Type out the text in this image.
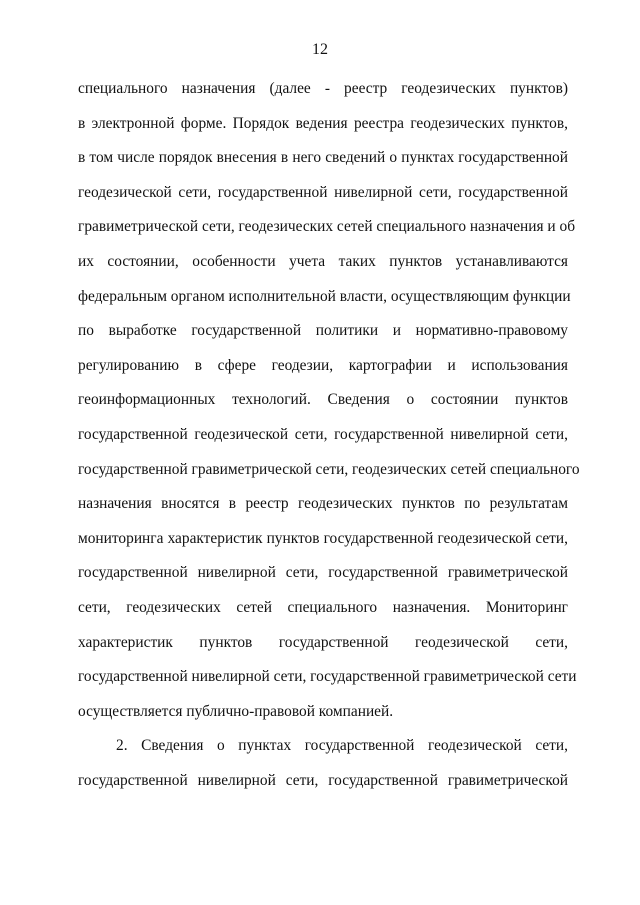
12
специального назначения (далее - реестр геодезических пунктов)
в электронной форме. Порядок ведения реестра геодезических пунктов,
в том числе порядок внесения в него сведений о пунктах государственной
геодезической сети, государственной нивелирной сети, государственной
гравиметрической сети, геодезических сетей специального назначения и об
их состоянии, особенности учета таких пунктов устанавливаются
федеральным органом исполнительной власти, осуществляющим функции
по выработке государственной политики и нормативно-правовому
регулированию в сфере геодезии, картографии и использования
геоинформационных технологий. Сведения о состоянии пунктов
государственной геодезической сети, государственной нивелирной сети,
государственной гравиметрической сети, геодезических сетей специального
назначения вносятся в реестр геодезических пунктов по результатам
мониторинга характеристик пунктов государственной геодезической сети,
государственной нивелирной сети, государственной гравиметрической
сети, геодезических сетей специального назначения. Мониторинг
характеристик пунктов государственной геодезической сети,
государственной нивелирной сети, государственной гравиметрической сети
осуществляется публично-правовой компанией.
2. Сведения о пунктах государственной геодезической сети,
государственной нивелирной сети, государственной гравиметрической
